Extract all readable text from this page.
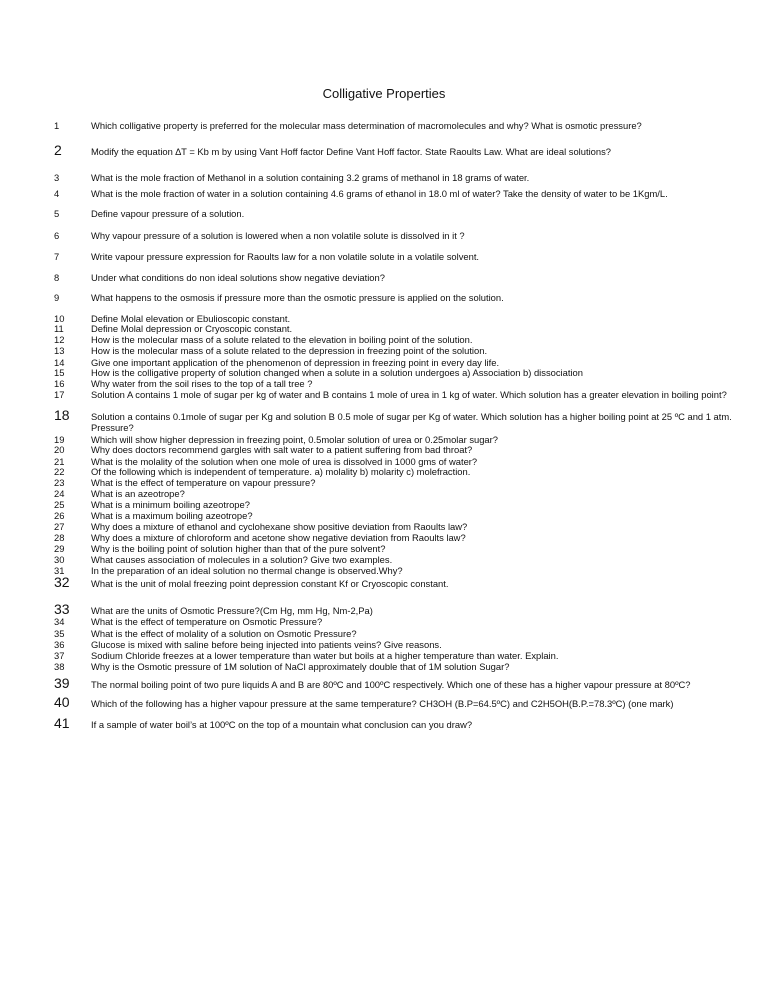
Colligative Properties
1	Which colligative property is preferred for the molecular mass determination of macromolecules and why? What is osmotic pressure?
2	Modify the equation ∆T = Kb m by using Vant Hoff factor Define Vant Hoff factor. State Raoults Law. What are ideal solutions?
3	What is the mole fraction of Methanol in a solution containing 3.2 grams of methanol in 18 grams of water.
4	What is the mole fraction of water in a solution containing 4.6 grams of ethanol in 18.0 ml of water? Take the density of water to be 1Kgm/L.
5	Define vapour pressure of a solution.
6	Why vapour pressure of a solution is lowered when a non volatile solute is dissolved in it ?
7	Write vapour pressure expression for Raoults law for a non volatile solute in a volatile solvent.
8	Under what conditions do non ideal solutions show negative deviation?
9	What happens to the osmosis if pressure more than the osmotic pressure is applied on the solution.
10	Define Molal elevation or Ebulioscopic constant.
11	Define Molal depression or Cryoscopic constant.
12	How is the molecular mass of a solute related to the elevation in boiling point of the solution.
13	How is the molecular mass of a solute related to the depression in freezing point of the solution.
14	Give one important application of the phenomenon of depression in freezing point in every day life.
15	How is the colligative property of solution changed when a solute in a solution undergoes a) Association b) dissociation
16	Why water from the soil rises to the top of a tall tree ?
17	Solution A contains 1 mole of sugar per kg of water and B contains 1 mole of urea in 1 kg of water. Which solution has a greater elevation in boiling point?
18	Solution a contains 0.1mole of sugar per Kg and solution B 0.5 mole of sugar per Kg of water. Which solution has a higher boiling point at 25 ºC and 1 atm. Pressure?
19	Which will show higher depression in freezing point, 0.5molar solution of urea or 0.25molar sugar?
20	Why does doctors recommend gargles with salt water to a patient suffering from bad throat?
21	What is the molality of the solution when one mole of urea is dissolved in 1000 gms of water?
22	Of the following which is independent of temperature. a) molality b) molarity c) molefraction.
23	What is the effect of temperature on vapour pressure?
24	What is an azeotrope?
25	What is a minimum boiling azeotrope?
26	What is a maximum boiling azeotrope?
27	Why does a mixture of ethanol and cyclohexane show positive deviation from Raoults law?
28	Why does a mixture of chloroform and acetone show negative deviation from Raoults law?
29	Why is the boiling point of solution higher than that of the pure solvent?
30	What causes association of molecules in a solution? Give two examples.
31	In the preparation of an ideal solution no thermal change is observed.Why?
32	What is the unit of molal freezing point depression constant Kf or Cryoscopic constant.
33	What are the units of Osmotic Pressure?(Cm Hg, mm Hg, Nm-2,Pa)
34	What is the effect of temperature on Osmotic Pressure?
35	What is the effect of molality of a solution on Osmotic Pressure?
36	Glucose is mixed with saline before being injected into patients veins? Give reasons.
37	Sodium Chloride freezes at a lower temperature than water but boils at a higher temperature than water. Explain.
38	Why is the Osmotic pressure of 1M solution of NaCl approximately double that of 1M solution Sugar?
39	The normal boiling point of two pure liquids A and B are 80ºC and 100ºC respectively. Which one of these has a higher vapour pressure at 80ºC?
40	Which of the following has a higher vapour pressure at the same temperature? CH3OH (B.P=64.5ºC) and C2H5OH(B.P.=78.3ºC) (one mark)
41	If a sample of water boil’s at 100ºC on the top of a mountain what conclusion can you draw?
